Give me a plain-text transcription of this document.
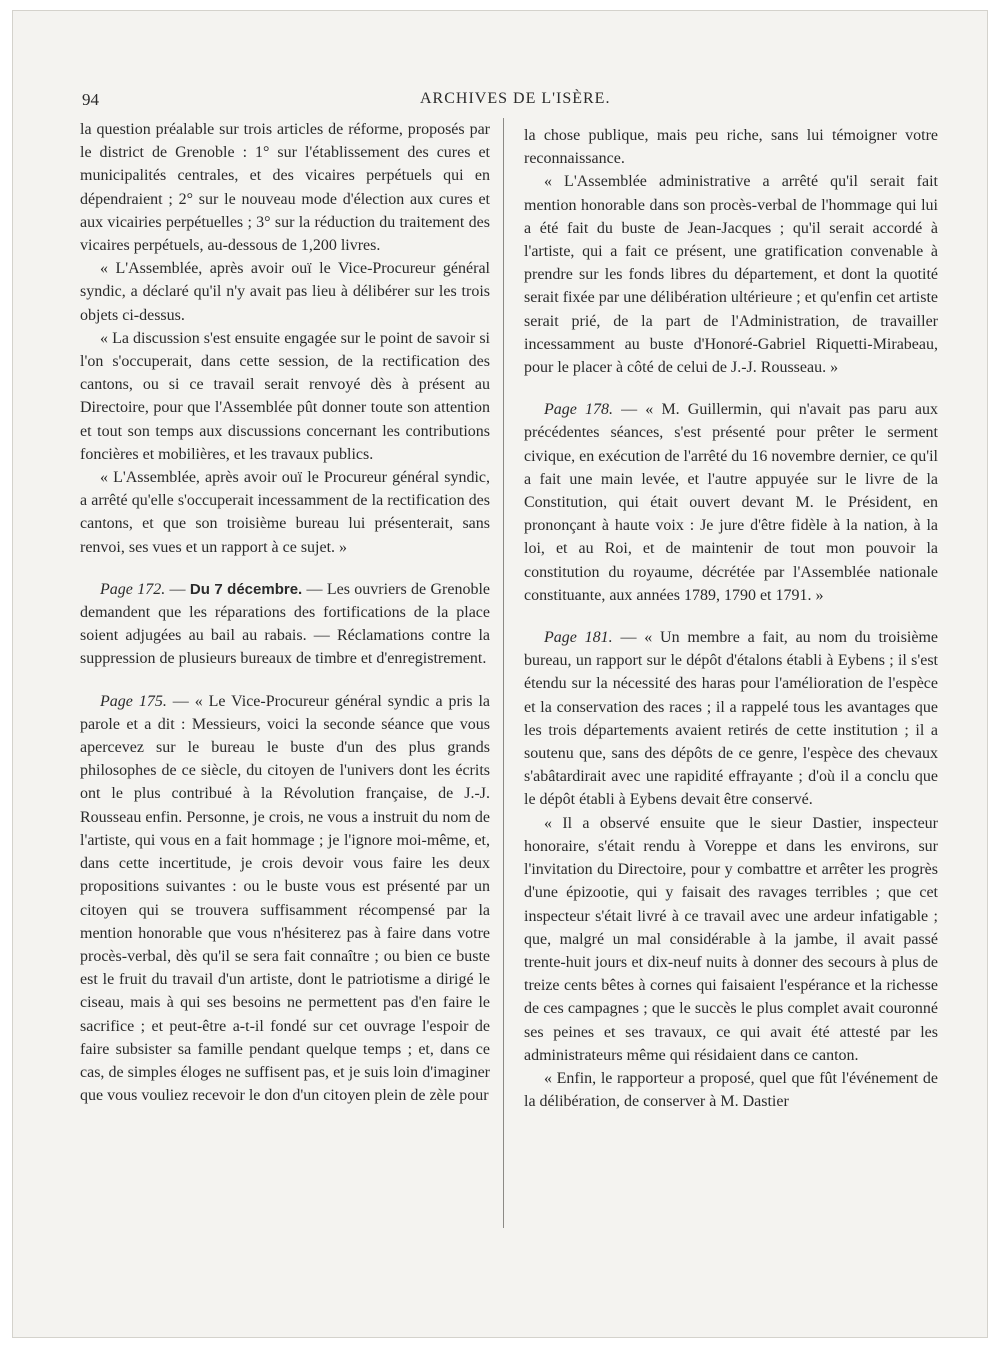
94	ARCHIVES DE L'ISÈRE.

la question préalable sur trois articles de réforme, proposés par le district de Grenoble : 1° sur l'établissement des cures et municipalités centrales, et des vicaires perpétuels qui en dépendraient ; 2° sur le nouveau mode d'élection aux cures et aux vicairies perpétuelles ; 3° sur la réduction du traitement des vicaires perpétuels, au-dessous de 1,200 livres.

« L'Assemblée, après avoir ouï le Vice-Procureur général syndic, a déclaré qu'il n'y avait pas lieu à délibérer sur les trois objets ci-dessus.

« La discussion s'est ensuite engagée sur le point de savoir si l'on s'occuperait, dans cette session, de la rectification des cantons, ou si ce travail serait renvoyé dès à présent au Directoire, pour que l'Assemblée pût donner toute son attention et tout son temps aux discussions concernant les contributions foncières et mobilières, et les travaux publics.

« L'Assemblée, après avoir ouï le Procureur général syndic, a arrêté qu'elle s'occuperait incessamment de la rectification des cantons, et que son troisième bureau lui présenterait, sans renvoi, ses vues et un rapport à ce sujet. »

Page 172. — Du 7 décembre. — Les ouvriers de Grenoble demandent que les réparations des fortifications de la place soient adjugées au bail au rabais. — Réclamations contre la suppression de plusieurs bureaux de timbre et d'enregistrement.

Page 175. — « Le Vice-Procureur général syndic a pris la parole et a dit : Messieurs, voici la seconde séance que vous apercevez sur le bureau le buste d'un des plus grands philosophes de ce siècle, du citoyen de l'univers dont les écrits ont le plus contribué à la Révolution française, de J.-J. Rousseau enfin. Personne, je crois, ne vous a instruit du nom de l'artiste, qui vous en a fait hommage ; je l'ignore moi-même, et, dans cette incertitude, je crois devoir vous faire les deux propositions suivantes : ou le buste vous est présenté par un citoyen qui se trouvera suffisamment récompensé par la mention honorable que vous n'hésiterez pas à faire dans votre procès-verbal, dès qu'il se sera fait connaître ; ou bien ce buste est le fruit du travail d'un artiste, dont le patriotisme a dirigé le ciseau, mais à qui ses besoins ne permettent pas d'en faire le sacrifice ; et peut-être a-t-il fondé sur cet ouvrage l'espoir de faire subsister sa famille pendant quelque temps ; et, dans ce cas, de simples éloges ne suffisent pas, et je suis loin d'imaginer que vous vouliez recevoir le don d'un citoyen plein de zèle pour

la chose publique, mais peu riche, sans lui témoigner votre reconnaissance.

« L'Assemblée administrative a arrêté qu'il serait fait mention honorable dans son procès-verbal de l'hommage qui lui a été fait du buste de Jean-Jacques ; qu'il serait accordé à l'artiste, qui a fait ce présent, une gratification convenable à prendre sur les fonds libres du département, et dont la quotité serait fixée par une délibération ultérieure ; et qu'enfin cet artiste serait prié, de la part de l'Administration, de travailler incessamment au buste d'Honoré-Gabriel Riquetti-Mirabeau, pour le placer à côté de celui de J.-J. Rousseau. »

Page 178. — « M. Guillermin, qui n'avait pas paru aux précédentes séances, s'est présenté pour prêter le serment civique, en exécution de l'arrêté du 16 novembre dernier, ce qu'il a fait une main levée, et l'autre appuyée sur le livre de la Constitution, qui était ouvert devant M. le Président, en prononçant à haute voix : Je jure d'être fidèle à la nation, à la loi, et au Roi, et de maintenir de tout mon pouvoir la constitution du royaume, décrétée par l'Assemblée nationale constituante, aux années 1789, 1790 et 1791. »

Page 181. — « Un membre a fait, au nom du troisième bureau, un rapport sur le dépôt d'étalons établi à Eybens ; il s'est étendu sur la nécessité des haras pour l'amélioration de l'espèce et la conservation des races ; il a rappelé tous les avantages que les trois départements avaient retirés de cette institution ; il a soutenu que, sans des dépôts de ce genre, l'espèce des chevaux s'abâtardirait avec une rapidité effrayante ; d'où il a conclu que le dépôt établi à Eybens devait être conservé.

« Il a observé ensuite que le sieur Dastier, inspecteur honoraire, s'était rendu à Voreppe et dans les environs, sur l'invitation du Directoire, pour y combattre et arrêter les progrès d'une épizootie, qui y faisait des ravages terribles ; que cet inspecteur s'était livré à ce travail avec une ardeur infatigable ; que, malgré un mal considérable à la jambe, il avait passé trente-huit jours et dix-neuf nuits à donner des secours à plus de treize cents bêtes à cornes qui faisaient l'espérance et la richesse de ces campagnes ; que le succès le plus complet avait couronné ses peines et ses travaux, ce qui avait été attesté par les administrateurs même qui résidaient dans ce canton.

« Enfin, le rapporteur a proposé, quel que fût l'événement de la délibération, de conserver à M. Dastier
